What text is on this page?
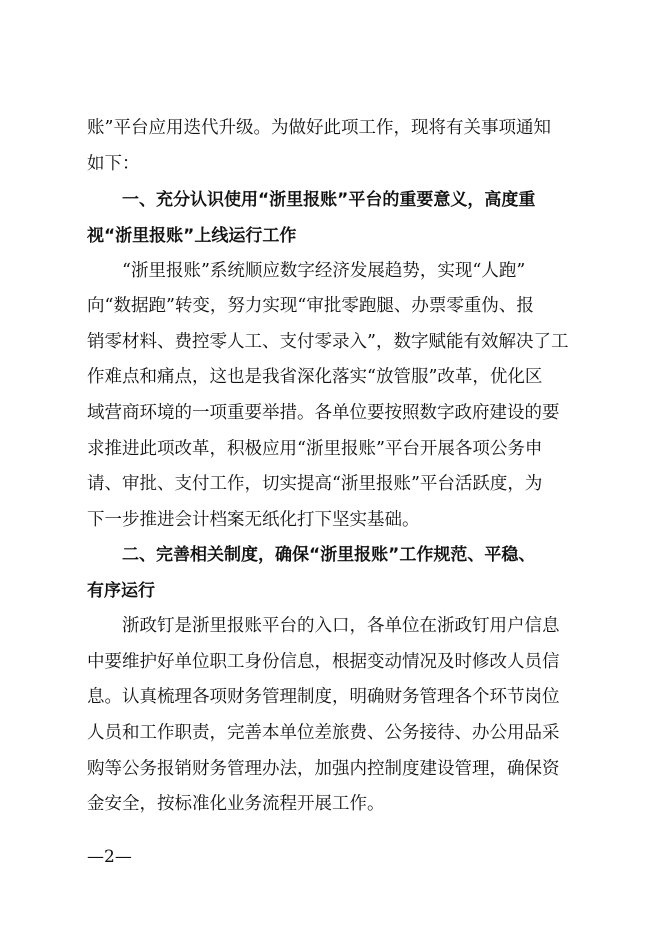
账”平台应用迭代升级。为做好此项工作，现将有关事项通知
如下：
一、充分认识使用“浙里报账”平台的重要意义，高度重
视“浙里报账”上线运行工作
“浙里报账”系统顺应数字经济发展趋势，实现“人跑”
向“数据跑”转变，努力实现“审批零跑腿、办票零重伪、报
销零材料、费控零人工、支付零录入”，数字赋能有效解决了工
作难点和痛点，这也是我省深化落实“放管服”改革，优化区
域营商环境的一项重要举措。各单位要按照数字政府建设的要
求推进此项改革，积极应用“浙里报账”平台开展各项公务申
请、审批、支付工作，切实提高“浙里报账”平台活跃度，为
下一步推进会计档案无纸化打下坚实基础。
二、完善相关制度，确保“浙里报账”工作规范、平稳、
有序运行
浙政钉是浙里报账平台的入口，各单位在浙政钉用户信息
中要维护好单位职工身份信息，根据变动情况及时修改人员信
息。认真梳理各项财务管理制度，明确财务管理各个环节岗位
人员和工作职责，完善本单位差旅费、公务接待、办公用品采
购等公务报销财务管理办法，加强内控制度建设管理，确保资
金安全，按标准化业务流程开展工作。
—2—
